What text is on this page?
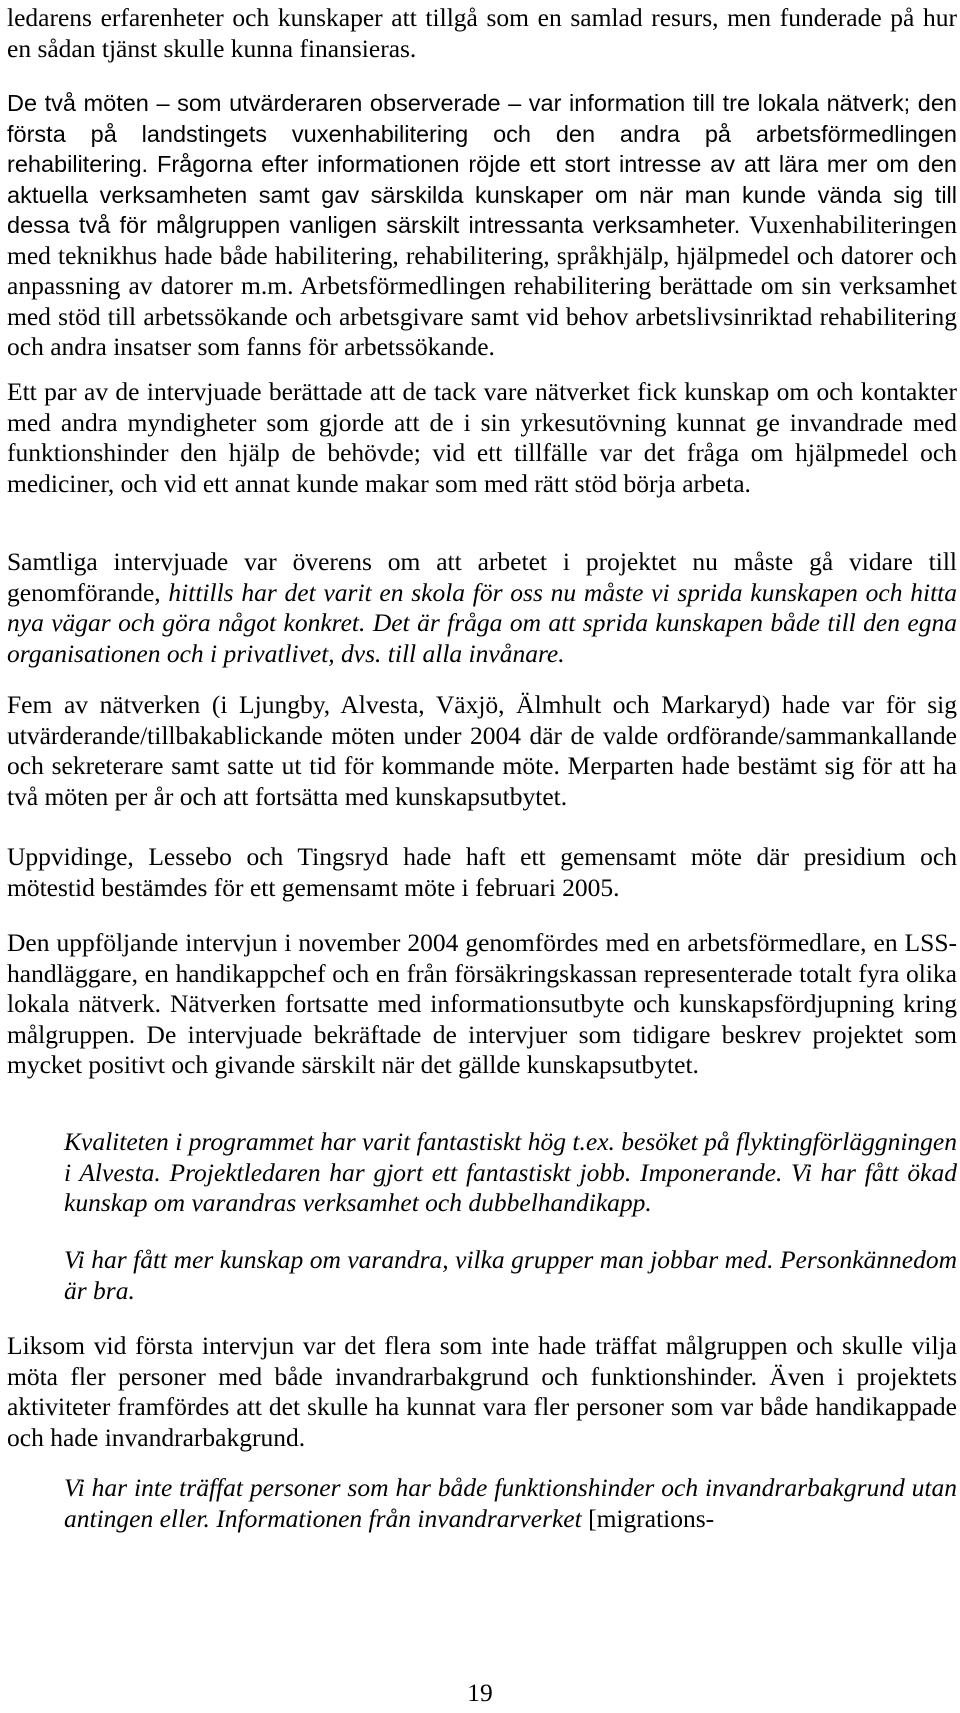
ledarens erfarenheter och kunskaper att tillgå som en samlad resurs, men funderade på hur en sådan tjänst skulle kunna finansieras.

De två möten – som utvärderaren observerade – var information till tre lokala nätverk; den första på landstingets vuxenhabilitering och den andra på arbetsförmedlingen rehabilitering. Frågorna efter informationen röjde ett stort intresse av att lära mer om den aktuella verksamheten samt gav särskilda kunskaper om när man kunde vända sig till dessa två för målgruppen vanligen särskilt intressanta verksamheter. Vuxenhabiliteringen med teknikhus hade både habilitering, rehabilitering, språkhjälp, hjälpmedel och datorer och anpassning av datorer m.m. Arbetsförmedlingen rehabilitering berättade om sin verksamhet med stöd till arbetssökande och arbetsgivare samt vid behov arbetslivsinriktad rehabilitering och andra insatser som fanns för arbetssökande.

Ett par av de intervjuade berättade att de tack vare nätverket fick kunskap om och kontakter med andra myndigheter som gjorde att de i sin yrkesutövning kunnat ge invandrade med funktionshinder den hjälp de behövde; vid ett tillfälle var det fråga om hjälpmedel och mediciner, och vid ett annat kunde makar som med rätt stöd börja arbeta.

Samtliga intervjuade var överens om att arbetet i projektet nu måste gå vidare till genomförande, hittills har det varit en skola för oss nu måste vi sprida kunskapen och hitta nya vägar och göra något konkret. Det är fråga om att sprida kunskapen både till den egna organisationen och i privatlivet, dvs. till alla invånare.

Fem av nätverken (i Ljungby, Alvesta, Växjö, Älmhult och Markaryd) hade var för sig utvärderande/tillbakablickande möten under 2004 där de valde ordförande/sammankallande och sekreterare samt satte ut tid för kommande möte. Merparten hade bestämt sig för att ha två möten per år och att fortsätta med kunskapsutbytet.

Uppvidinge, Lessebo och Tingsryd hade haft ett gemensamt möte där presidium och mötestid bestämdes för ett gemensamt möte i februari 2005.

Den uppföljande intervjun i november 2004 genomfördes med en arbetsförmedlare, en LSS-handläggare, en handikappchef och en från försäkringskassan representerade totalt fyra olika lokala nätverk. Nätverken fortsatte med informationsutbyte och kunskapsfördjupning kring målgruppen. De intervjuade bekräftade de intervjuer som tidigare beskrev projektet som mycket positivt och givande särskilt när det gällde kunskapsutbytet.

Kvaliteten i programmet har varit fantastiskt hög t.ex. besöket på flyktingförläggningen i Alvesta. Projektledaren har gjort ett fantastiskt jobb. Imponerande. Vi har fått ökad kunskap om varandras verksamhet och dubbelhandikapp.

Vi har fått mer kunskap om varandra, vilka grupper man jobbar med. Personkännedom är bra.

Liksom vid första intervjun var det flera som inte hade träffat målgruppen och skulle vilja möta fler personer med både invandrarbakgrund och funktionshinder. Även i projektets aktiviteter framfördes att det skulle ha kunnat vara fler personer som var både handikappade och hade invandrarbakgrund.

Vi har inte träffat personer som har både funktionshinder och invandrarbakgrund utan antingen eller. Informationen från invandrarverket [migrations-

19
